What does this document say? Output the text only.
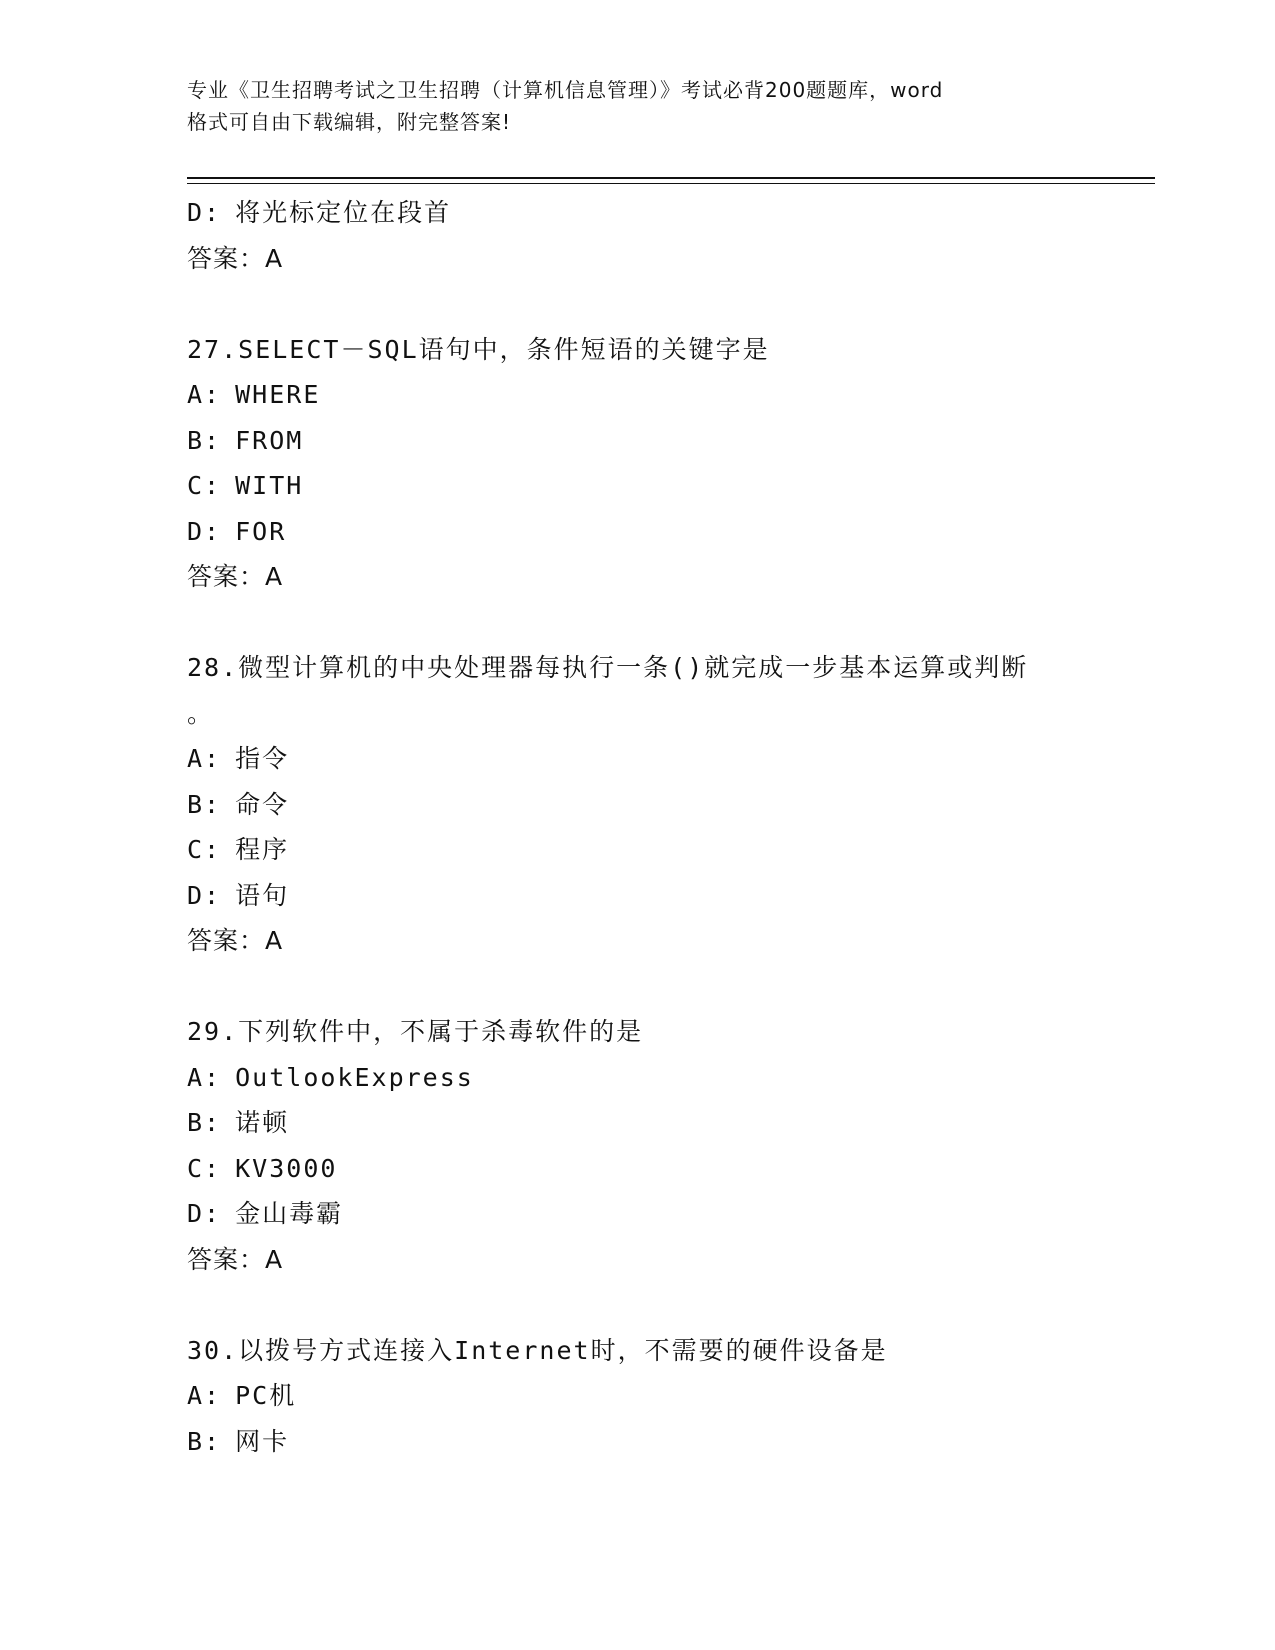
专业《卫生招聘考试之卫生招聘（计算机信息管理）》考试必背200题题库，word
格式可自由下载编辑，附完整答案!
D: 将光标定位在段首
答案：A
27.SELECT－SQL语句中，条件短语的关键字是
A: WHERE
B: FROM
C: WITH
D: FOR
答案：A
28.微型计算机的中央处理器每执行一条()就完成一步基本运算或判断
。
A: 指令
B: 命令
C: 程序
D: 语句
答案：A
29.下列软件中，不属于杀毒软件的是
A: OutlookExpress
B: 诺顿
C: KV3000
D: 金山毒霸
答案：A
30.以拨号方式连接入Internet时，不需要的硬件设备是
A: PC机
B: 网卡
